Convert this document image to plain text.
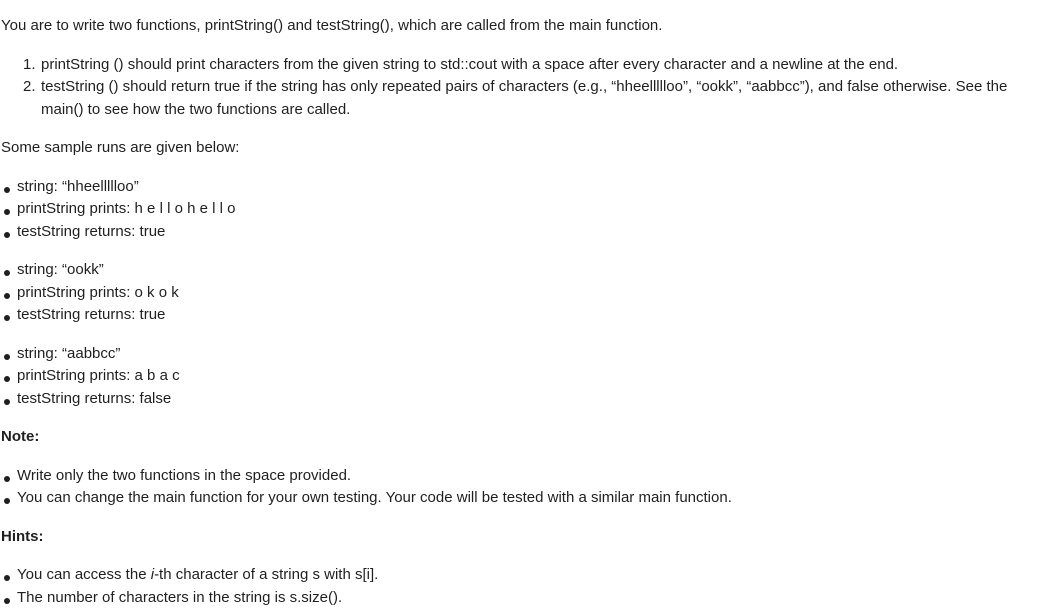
You are to write two functions, printString() and testString(), which are called from the main function.
1. printString () should print characters from the given string to std::cout with a space after every character and a newline at the end.
2. testString () should return true if the string has only repeated pairs of characters (e.g., “hheellllloo”, “ookk”, “aabbcc”), and false otherwise. See the
main() to see how the two functions are called.
Some sample runs are given below:
string: “hheellllloo”
printString prints: h e l l o h e l l o
testString returns: true
string: “ookk”
printString prints: o k o k
testString returns: true
string: “aabbcc”
printString prints: a b a c
testString returns: false
Note:
Write only the two functions in the space provided.
You can change the main function for your own testing. Your code will be tested with a similar main function.
Hints:
You can access the i-th character of a string s with s[i].
The number of characters in the string is s.size().
